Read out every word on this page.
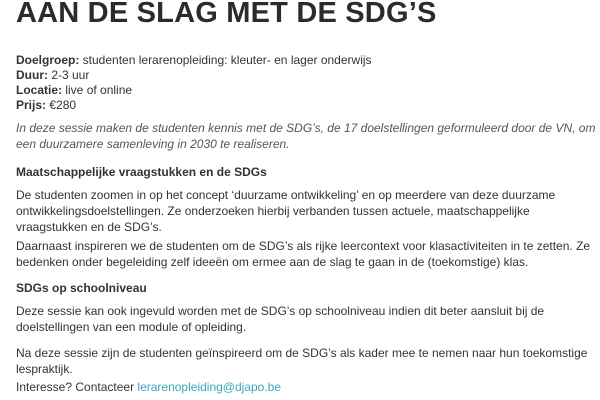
AAN DE SLAG MET DE SDG’S
Doelgroep: studenten lerarenopleiding: kleuter- en lager onderwijs
Duur: 2-3 uur
Locatie: live of online
Prijs: €280

In deze sessie maken de studenten kennis met de SDG’s, de 17 doelstellingen geformuleerd door de VN, om een duurzamere samenleving in 2030 te realiseren.

Maatschappelijke vraagstukken en de SDGs

De studenten zoomen in op het concept ‘duurzame ontwikkeling’ en op meerdere van deze duurzame ontwikkelingsdoelstellingen. Ze onderzoeken hierbij verbanden tussen actuele, maatschappelijke vraagstukken en de SDG’s.

Daarnaast inspireren we de studenten om de SDG’s als rijke leercontext voor klasactiviteiten in te zetten. Ze bedenken onder begeleiding zelf ideeën om ermee aan de slag te gaan in de (toekomstige) klas.

SDGs op schoolniveau

Deze sessie kan ook ingevuld worden met de SDG’s op schoolniveau indien dit beter aansluit bij de doelstellingen van een module of opleiding.

Na deze sessie zijn de studenten geïnspireerd om de SDG’s als kader mee te nemen naar hun toekomstige lespraktijk.

Interesse? Contacteer lerarenopleiding@djapo.be
